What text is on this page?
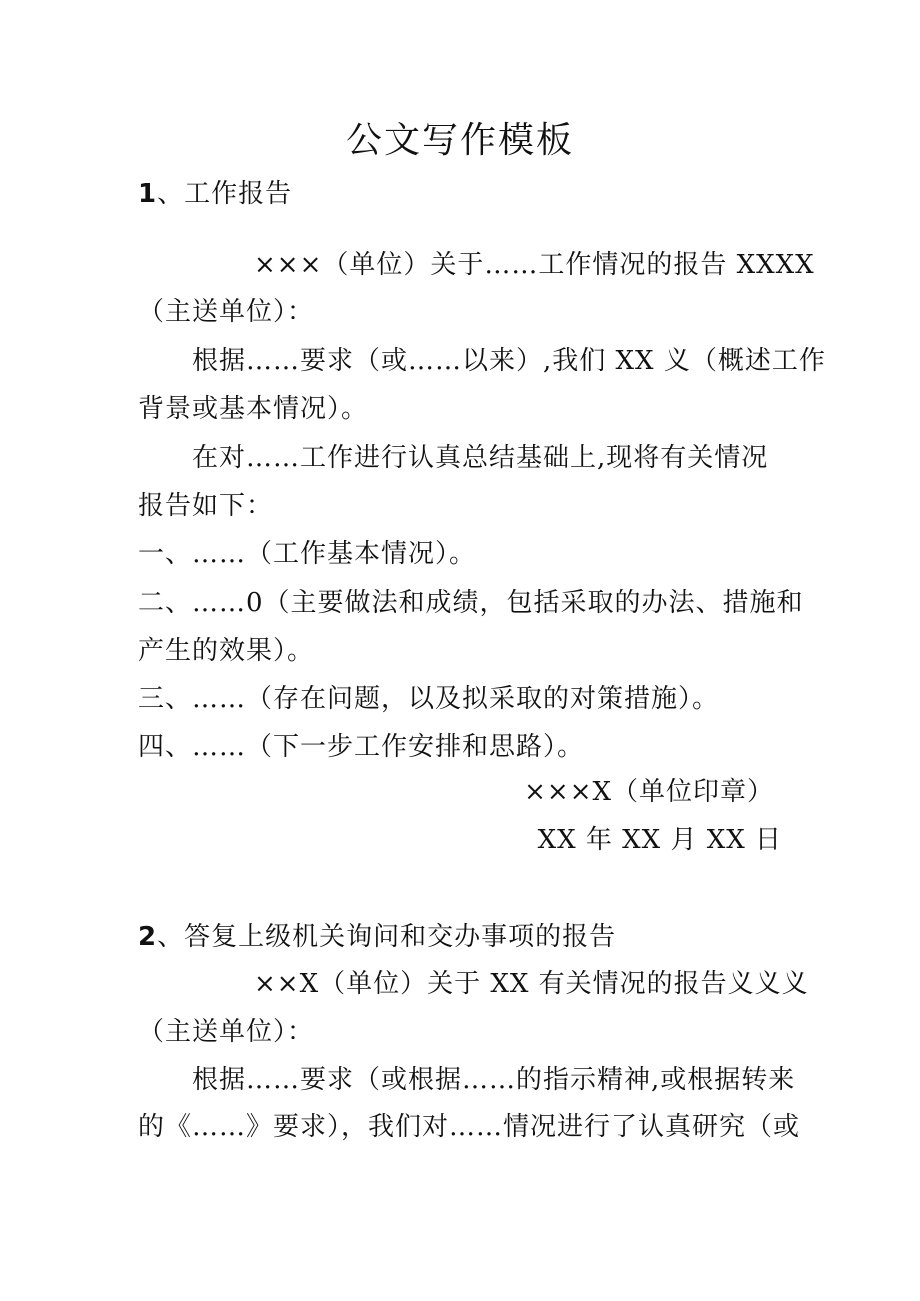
公文写作模板
1、工作报告
×××（单位）关于……工作情况的报告 XXXX
（主送单位）：
根据……要求（或……以来）,我们 XX 义（概述工作
背景或基本情况）。
在对……工作进行认真总结基础上,现将有关情况
报告如下：
一、……（工作基本情况）。
二、……0（主要做法和成绩，包括采取的办法、措施和
产生的效果）。
三、……（存在问题，以及拟采取的对策措施）。
四、……（下一步工作安排和思路）。
×××X（单位印章）
XX 年 XX 月 XX 日
2、答复上级机关询问和交办事项的报告
××X（单位）关于 XX 有关情况的报告义义义
（主送单位）：
根据……要求（或根据……的指示精神,或根据转来
的《……》要求），我们对……情况进行了认真研究（或
